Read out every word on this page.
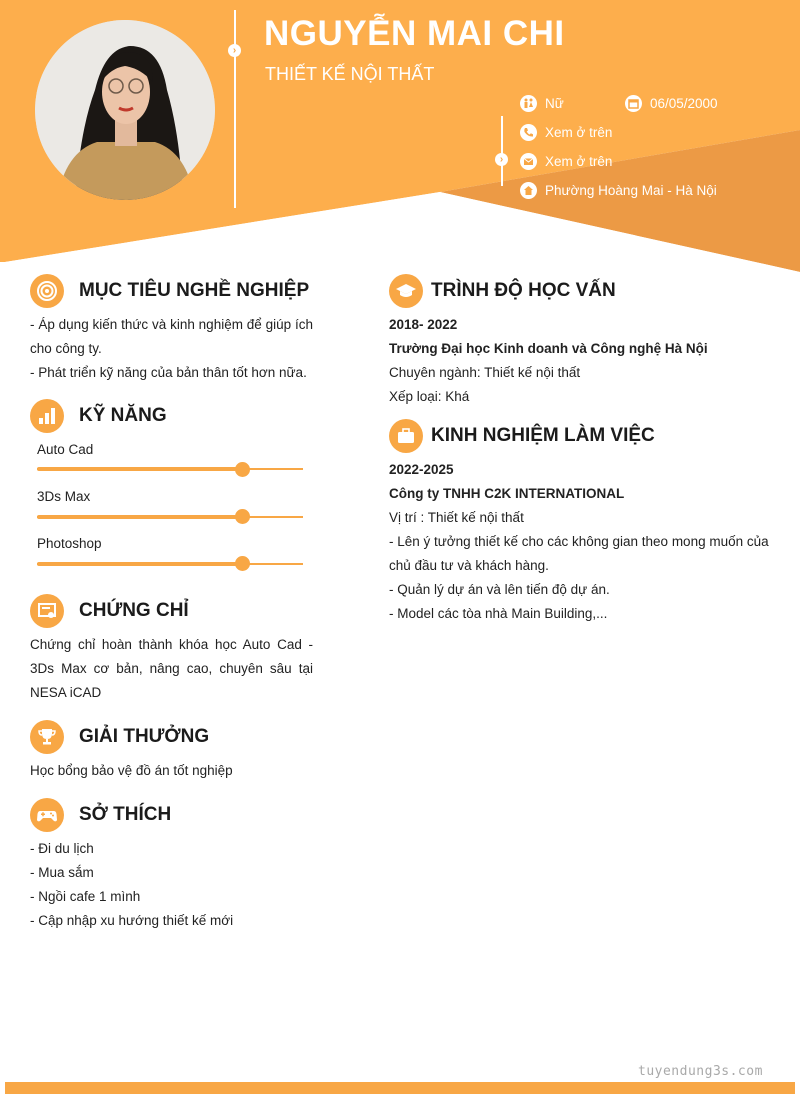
› NGUYỄN MAI CHI
THIẾT KẾ NỘI THẤT
›
Nữ	06/05/2000
Xem ở trên
Xem ở trên
Phường Hoàng Mai - Hà Nội
MỤC TIÊU NGHỀ NGHIỆP
- Áp dụng kiến thức và kinh nghiệm để giúp ích cho công ty.
- Phát triển kỹ năng của bản thân tốt hơn nữa.
KỸ NĂNG
Auto Cad
3Ds Max
Photoshop
CHỨNG CHỈ
Chứng chỉ hoàn thành khóa học Auto Cad - 3Ds Max cơ bản, nâng cao, chuyên sâu tại NESA iCAD
GIẢI THƯỞNG
Học bổng bảo vệ đồ án tốt nghiệp
SỞ THÍCH
- Đi du lịch
- Mua sắm
- Ngồi cafe 1 mình
- Cập nhập xu hướng thiết kế mới
TRÌNH ĐỘ HỌC VẤN
2018- 2022
Trường Đại học Kinh doanh và Công nghệ Hà Nội
Chuyên ngành: Thiết kế nội thất
Xếp loại: Khá
KINH NGHIỆM LÀM VIỆC
2022-2025
Công ty TNHH C2K INTERNATIONAL
Vị trí : Thiết kế nội thất
- Lên ý tưởng thiết kế cho các không gian theo mong muốn của chủ đầu tư và khách hàng.
- Quản lý dự án và lên tiến độ dự án.
- Model các tòa nhà Main Building,...
tuyendung3s.com
